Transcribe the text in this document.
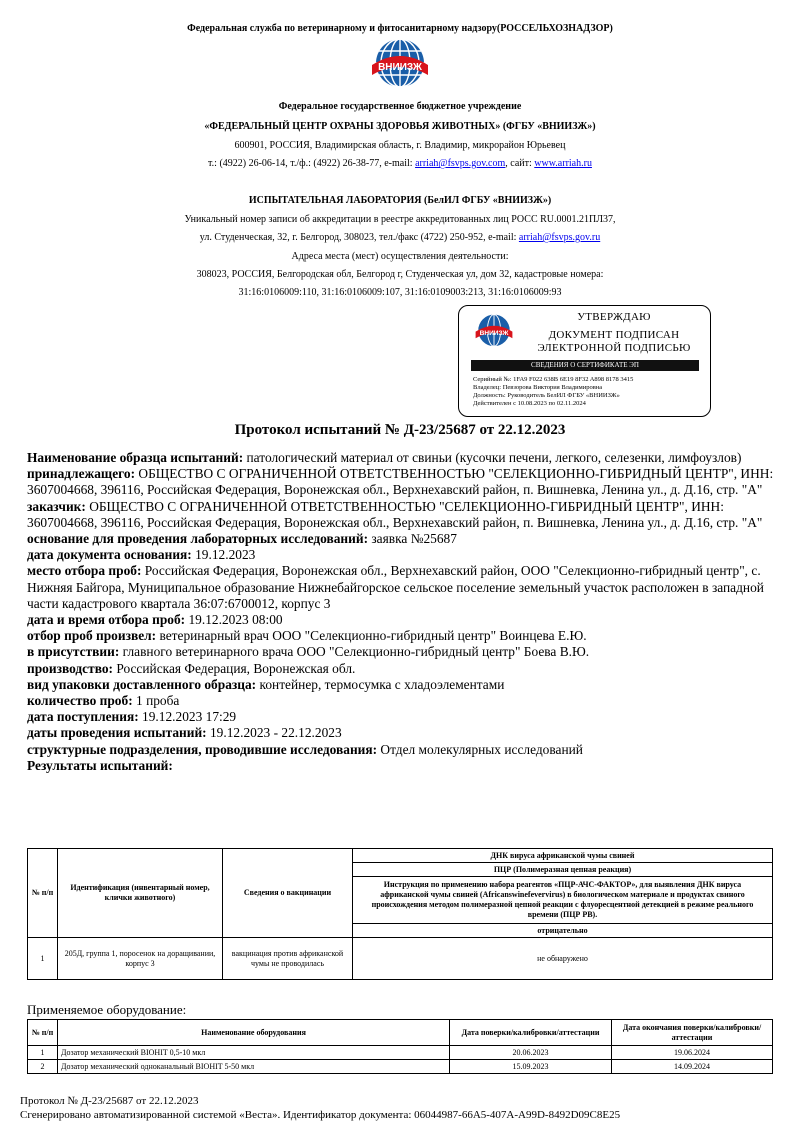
Федеральная служба по ветеринарному и фитосанитарному надзору(РОССЕЛЬХОЗНАДЗОР)
ВНИИЗЖ
Федеральное государственное бюджетное учреждение
«ФЕДЕРАЛЬНЫЙ ЦЕНТР ОХРАНЫ ЗДОРОВЬЯ ЖИВОТНЫХ» (ФГБУ «ВНИИЗЖ»)
600901, РОССИЯ, Владимирская область, г. Владимир, микрорайон Юрьевец
т.: (4922) 26-06-14, т./ф.: (4922) 26-38-77, e-mail: arriah@fsvps.gov.com, сайт: www.arriah.ru
ИСПЫТАТЕЛЬНАЯ ЛАБОРАТОРИЯ (БелИЛ ФГБУ «ВНИИЗЖ»)
Уникальный номер записи об аккредитации в реестре аккредитованных лиц РОСС RU.0001.21ПЛ37,
ул. Студенческая, 32, г. Белгород, 308023, тел./факс (4722) 250-952, e-mail: arriah@fsvps.gov.ru
Адреса места (мест) осуществления деятельности:
308023, РОССИЯ, Белгородская обл, Белгород г, Студенческая ул, дом 32, кадастровые номера:
31:16:0106009:110, 31:16:0106009:107, 31:16:0109003:213, 31:16:0106009:93
ВНИИЗЖ
УТВЕРЖДАЮ
ДОКУМЕНТ ПОДПИСАН
ЭЛЕКТРОННОЙ ПОДПИСЬЮ
СВЕДЕНИЯ О СЕРТИФИКАТЕ ЭП
Серийный №: 1FA9 F022 638B 6E19 8F32 A898 8178 3415
Владелец: Певзорова Виктория Владимировна
Должность: Руководитель БелИЛ ФГБУ «ВНИИЗЖ»
Действителен с 10.08.2023 по 02.11.2024
Протокол испытаний № Д-23/25687 от 22.12.2023

Наименование образца испытаний: патологический материал от свиньи (кусочки печени, легкого, селезенки, лимфоузлов)

принадлежащего: ОБЩЕСТВО С ОГРАНИЧЕННОЙ ОТВЕТСТВЕННОСТЬЮ "СЕЛЕКЦИОННО-ГИБРИДНЫЙ ЦЕНТР", ИНН: 3607004668, 396116, Российская Федерация, Воронежская обл., Верхнехавский район, п. Вишневка, Ленина ул., д. Д.16, стр. "А"

заказчик: ОБЩЕСТВО С ОГРАНИЧЕННОЙ ОТВЕТСТВЕННОСТЬЮ "СЕЛЕКЦИОННО-ГИБРИДНЫЙ ЦЕНТР", ИНН: 3607004668, 396116, Российская Федерация, Воронежская обл., Верхнехавский район, п. Вишневка, Ленина ул., д. Д.16, стр. "А"

основание для проведения лабораторных исследований: заявка №25687

дата документа основания: 19.12.2023

место отбора проб: Российская Федерация, Воронежская обл., Верхнехавский район, ООО "Селекционно-гибридный центр", с. Нижняя Байгора, Муниципальное образование Нижнебайгорское сельское поселение земельный участок расположен в западной части кадастрового квартала 36:07:6700012, корпус 3

дата и время отбора проб: 19.12.2023 08:00

отбор проб произвел: ветеринарный врач ООО "Селекционно-гибридный центр" Воинцева Е.Ю.

в присутствии: главного ветеринарного врача ООО "Селекционно-гибридный центр" Боева В.Ю.

производство: Российская Федерация, Воронежская обл.

вид упаковки доставленного образца: контейнер, термосумка с хладоэлементами

количество проб: 1 проба

дата поступления: 19.12.2023 17:29

даты проведения испытаний: 19.12.2023 - 22.12.2023

структурные подразделения, проводившие исследования: Отдел молекулярных исследований

Результаты испытаний:

№ п/п	Идентификация (инвентарный номер, клички животного)	Сведения о вакцинации	ДНК вируса африканской чумы свиней
			ПЦР (Полимеразная цепная реакция)
			Инструкция по применению набора реагентов «ПЦР-АЧС-ФАКТОР», для выявления ДНК вируса африканской чумы свиней (Africanswinefevervirus) в биологическом материале и продуктах свиного происхождения методом полимеразной цепной реакции с флуоресцентной детекцией в режиме реального времени (ПЦР РВ).
			отрицательно
1	205Д, группа 1, поросенок на доращивании, корпус 3	вакцинация против африканской чумы не проводилась	не обнаружено
Применяемое оборудование:
№ п/п	Наименование оборудования	Дата поверки/калибровки/аттестации	Дата окончания поверки/калибровки/аттестации
1	Дозатор механический BIOHIT 0,5-10 мкл	20.06.2023	19.06.2024
2	Дозатор механический одноканальный BIOHIT 5-50 мкл	15.09.2023	14.09.2024
Протокол № Д-23/25687 от 22.12.2023
Сгенерировано автоматизированной системой «Веста». Идентификатор документа: 06044987-66A5-407A-A99D-8492D09C8E25
